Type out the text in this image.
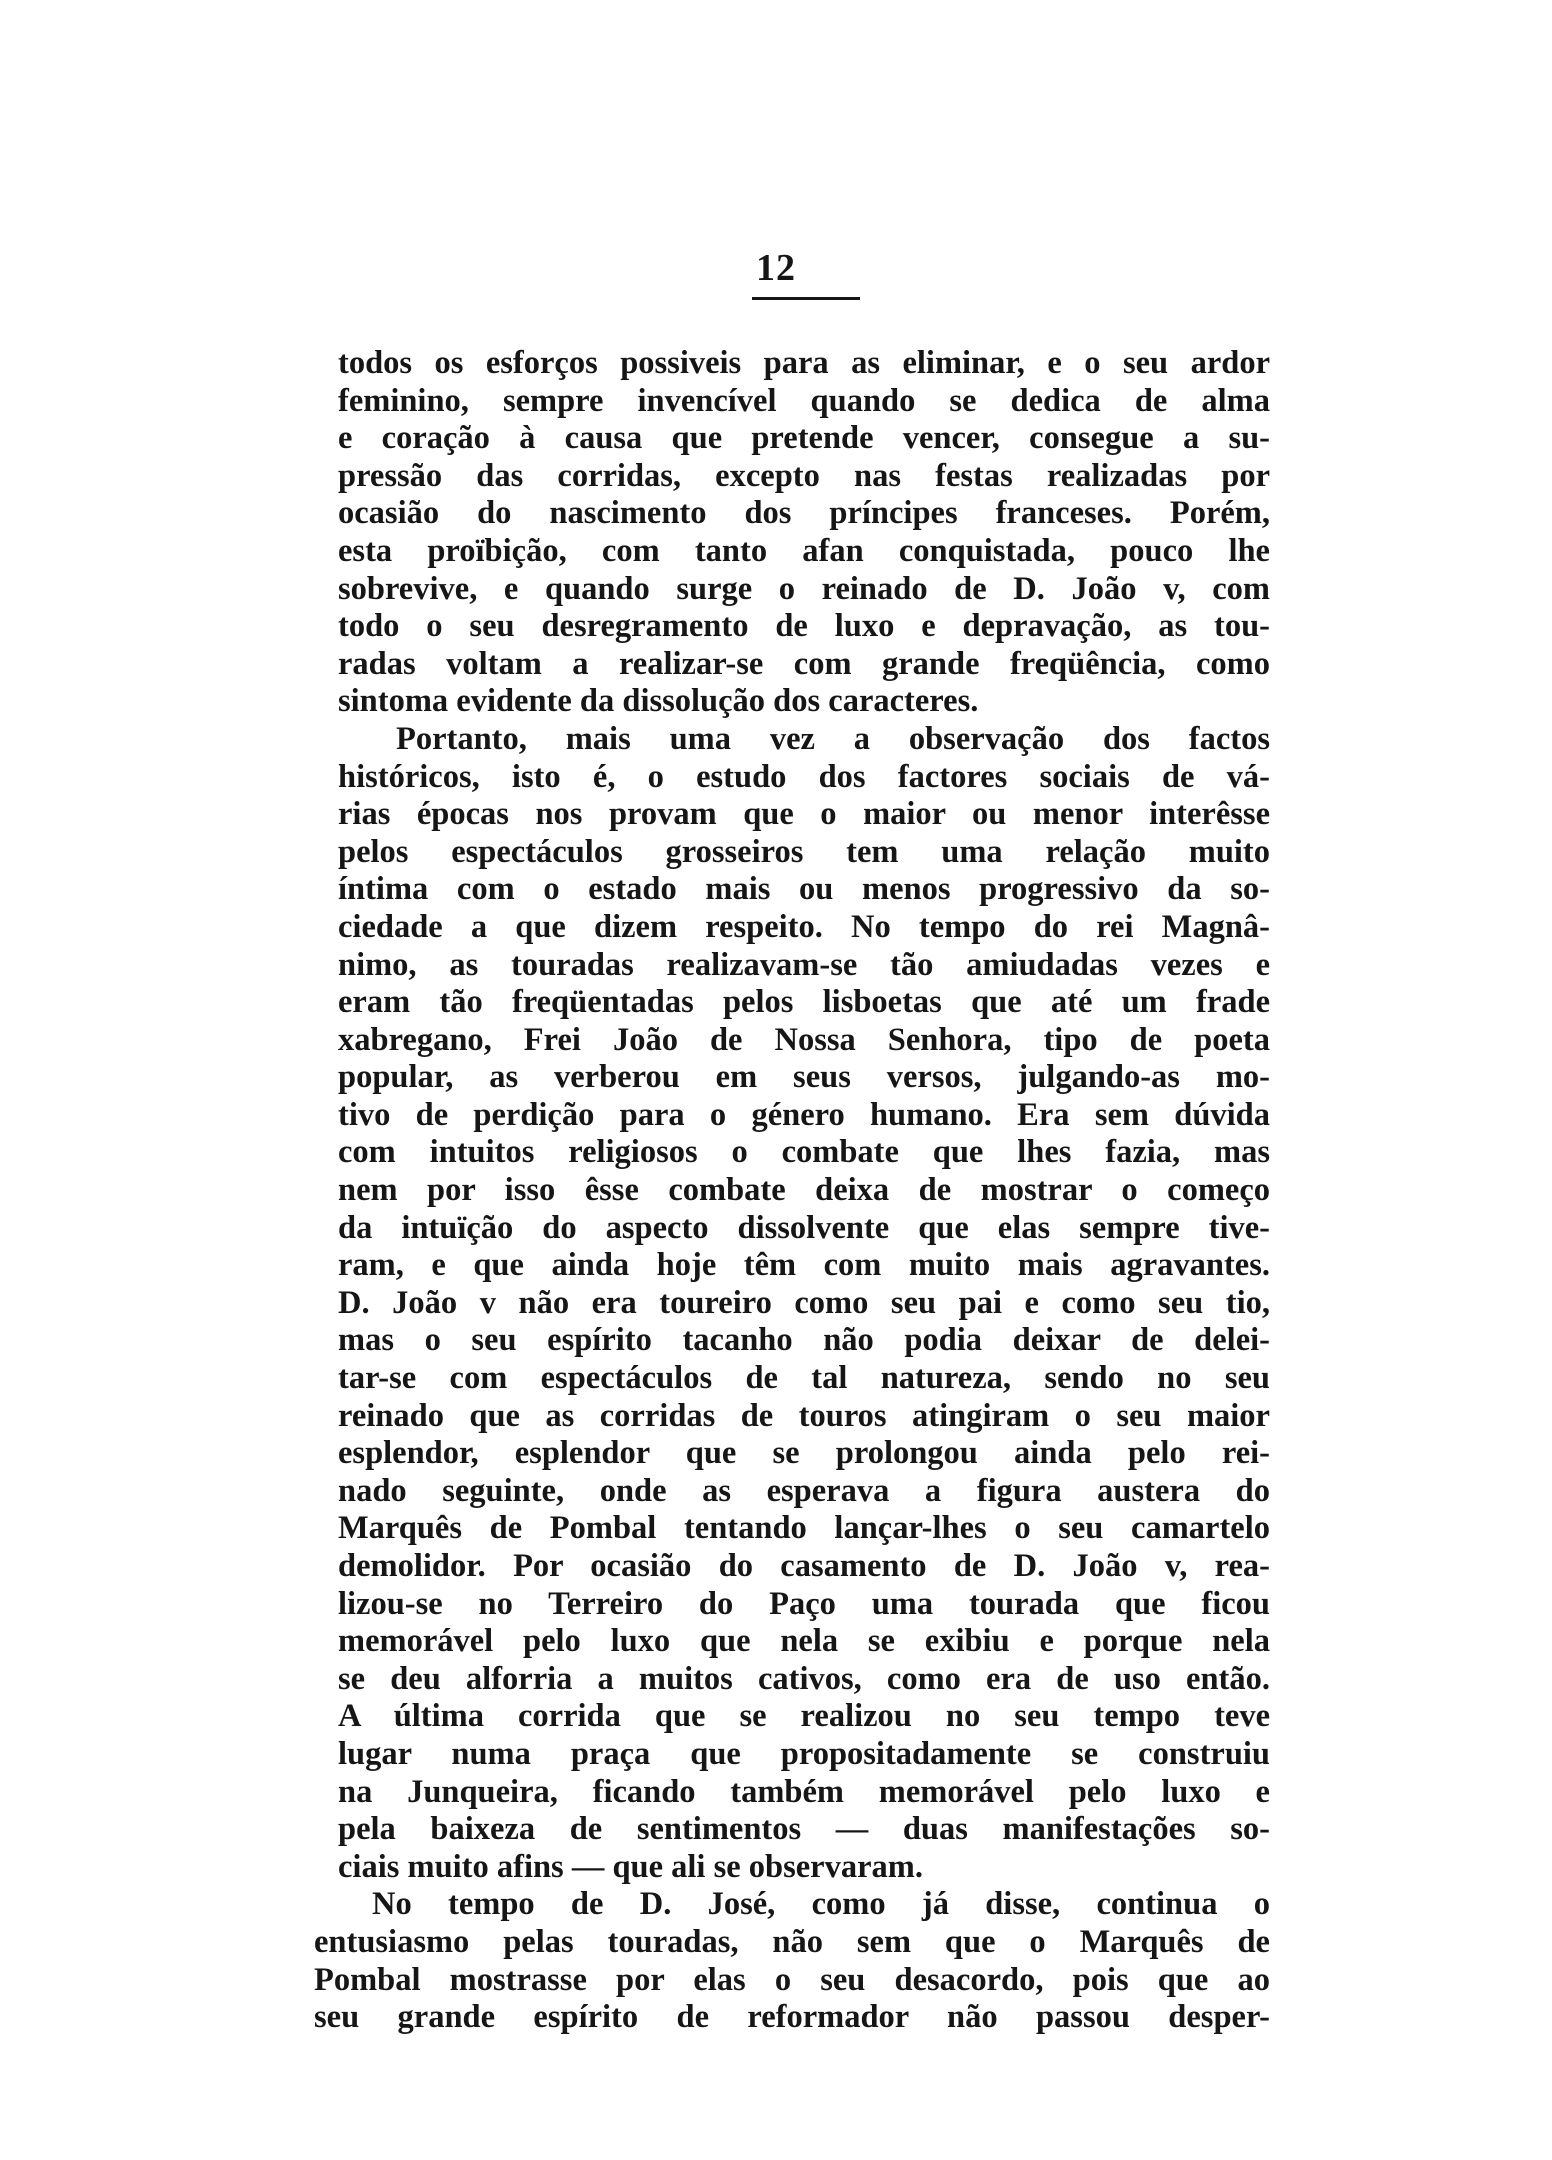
12
todos os esforços possiveis para as eliminar, e o seu ardor
feminino, sempre invencível quando se dedica de alma
e coração à causa que pretende vencer, consegue a su-
pressão das corridas, excepto nas festas realizadas por
ocasião do nascimento dos príncipes franceses. Porém,
esta proïbição, com tanto afan conquistada, pouco lhe
sobrevive, e quando surge o reinado de D. João v, com
todo o seu desregramento de luxo e depravação, as tou-
radas voltam a realizar-se com grande freqüência, como
sintoma evidente da dissolução dos caracteres.
Portanto, mais uma vez a observação dos factos
históricos, isto é, o estudo dos factores sociais de vá-
rias épocas nos provam que o maior ou menor interêsse
pelos espectáculos grosseiros tem uma relação muito
íntima com o estado mais ou menos progressivo da so-
ciedade a que dizem respeito. No tempo do rei Magnâ-
nimo, as touradas realizavam-se tão amiudadas vezes e
eram tão freqüentadas pelos lisboetas que até um frade
xabregano, Frei João de Nossa Senhora, tipo de poeta
popular, as verberou em seus versos, julgando-as mo-
tivo de perdição para o género humano. Era sem dúvida
com intuitos religiosos o combate que lhes fazia, mas
nem por isso êsse combate deixa de mostrar o começo
da intuïção do aspecto dissolvente que elas sempre tive-
ram, e que ainda hoje têm com muito mais agravantes.
D. João v não era toureiro como seu pai e como seu tio,
mas o seu espírito tacanho não podia deixar de delei-
tar-se com espectáculos de tal natureza, sendo no seu
reinado que as corridas de touros atingiram o seu maior
esplendor, esplendor que se prolongou ainda pelo rei-
nado seguinte, onde as esperava a figura austera do
Marquês de Pombal tentando lançar-lhes o seu camartelo
demolidor. Por ocasião do casamento de D. João v, rea-
lizou-se no Terreiro do Paço uma tourada que ficou
memorável pelo luxo que nela se exibiu e porque nela
se deu alforria a muitos cativos, como era de uso então.
A última corrida que se realizou no seu tempo teve
lugar numa praça que propositadamente se construiu
na Junqueira, ficando também memorável pelo luxo e
pela baixeza de sentimentos — duas manifestações so-
ciais muito afins — que ali se observaram.
No tempo de D. José, como já disse, continua o
entusiasmo pelas touradas, não sem que o Marquês de
Pombal mostrasse por elas o seu desacordo, pois que ao
seu grande espírito de reformador não passou desper-
